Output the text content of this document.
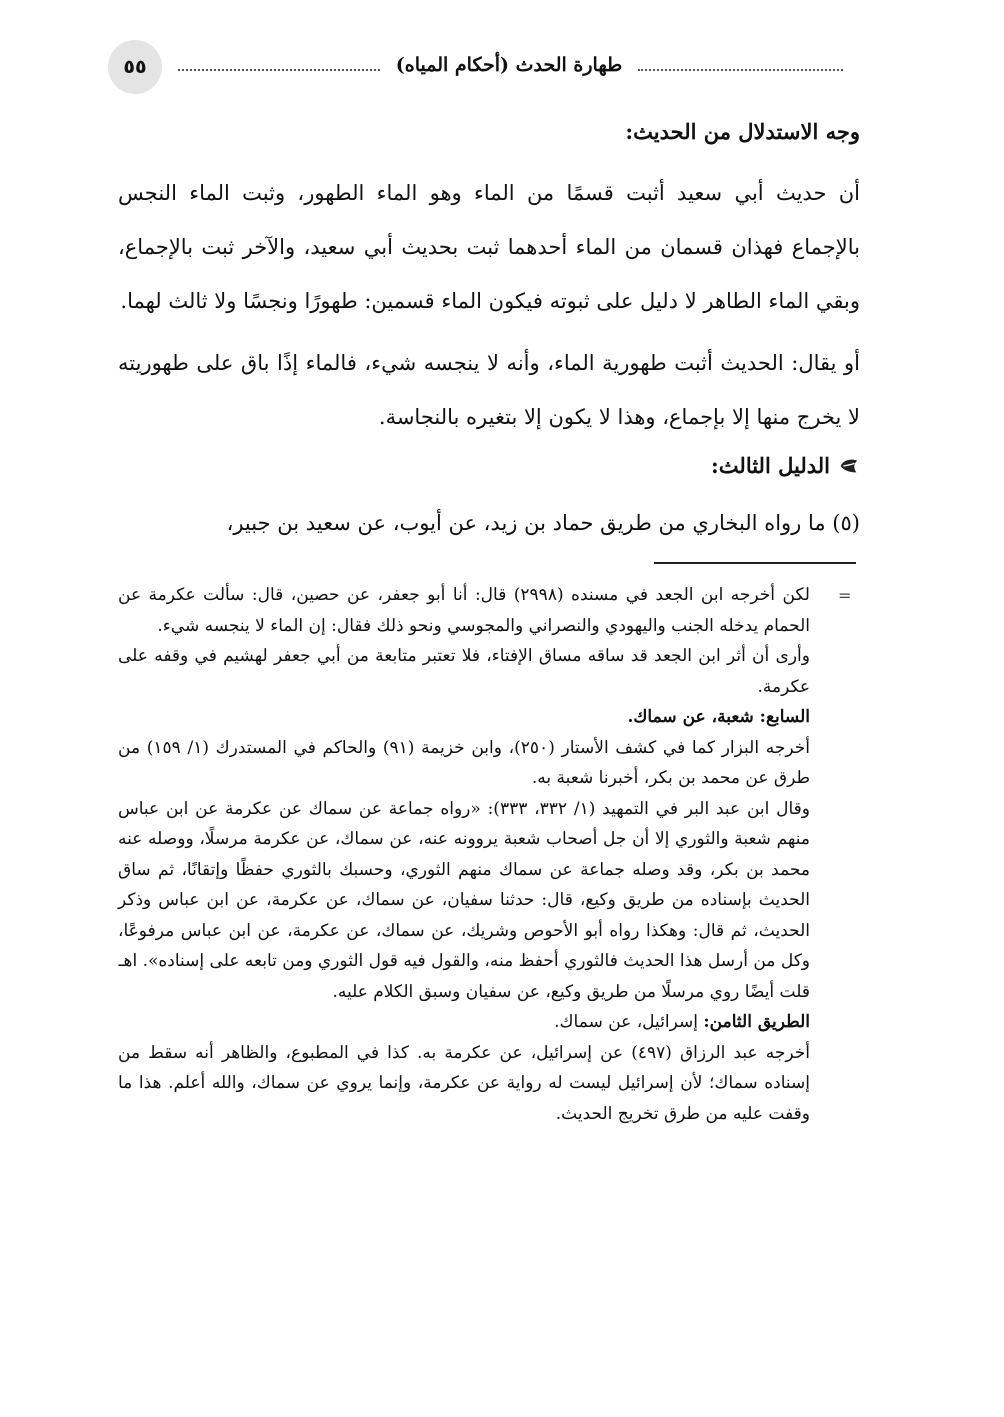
٥٥	طهارة الحدث (أحكام المياه)
وجه الاستدلال من الحديث:

أن حديث أبي سعيد أثبت قسمًا من الماء وهو الماء الطهور، وثبت الماء النجس بالإجماع فهذان قسمان من الماء أحدهما ثبت بحديث أبي سعيد، والآخر ثبت بالإجماع، وبقي الماء الطاهر لا دليل على ثبوته فيكون الماء قسمين: طهورًا ونجسًا ولا ثالث لهما.

أو يقال: الحديث أثبت طهورية الماء، وأنه لا ينجسه شيء، فالماء إذًا باق على طهوريته لا يخرج منها إلا بإجماع، وهذا لا يكون إلا بتغيره بالنجاسة.

الدليل الثالث:

(٥) ما رواه البخاري من طريق حماد بن زيد، عن أيوب، عن سعيد بن جبير،

=

لكن أخرجه ابن الجعد في مسنده (٢٩٩٨) قال: أنا أبو جعفر، عن حصين، قال: سألت عكرمة عن الحمام يدخله الجنب واليهودي والنصراني والمجوسي ونحو ذلك فقال: إن الماء لا ينجسه شيء.

وأرى أن أثر ابن الجعد قد ساقه مساق الإفتاء، فلا تعتبر متابعة من أبي جعفر لهشيم في وقفه على عكرمة.

السابع: شعبة، عن سماك.

أخرجه البزار كما في كشف الأستار (٢٥٠)، وابن خزيمة (٩١) والحاكم في المستدرك (١/ ١٥٩) من طرق عن محمد بن بكر، أخبرنا شعبة به.

وقال ابن عبد البر في التمهيد (١/ ٣٣٢، ٣٣٣): «رواه جماعة عن سماك عن عكرمة عن ابن عباس منهم شعبة والثوري إلا أن جل أصحاب شعبة يروونه عنه، عن سماك، عن عكرمة مرسلًا، ووصله عنه محمد بن بكر، وقد وصله جماعة عن سماك منهم الثوري، وحسبك بالثوري حفظًا وإتقانًا، ثم ساق الحديث بإسناده من طريق وكيع، قال: حدثنا سفيان، عن سماك، عن عكرمة، عن ابن عباس وذكر الحديث، ثم قال: وهكذا رواه أبو الأحوص وشريك، عن سماك، عن عكرمة، عن ابن عباس مرفوعًا، وكل من أرسل هذا الحديث فالثوري أحفظ منه، والقول فيه قول الثوري ومن تابعه على إسناده». اهـ

قلت أيضًا روي مرسلًا من طريق وكيع، عن سفيان وسبق الكلام عليه.

الطريق الثامن: إسرائيل، عن سماك.

أخرجه عبد الرزاق (٤٩٧) عن إسرائيل، عن عكرمة به. كذا في المطبوع، والظاهر أنه سقط من إسناده سماك؛ لأن إسرائيل ليست له رواية عن عكرمة، وإنما يروي عن سماك، والله أعلم. هذا ما وقفت عليه من طرق تخريج الحديث.
